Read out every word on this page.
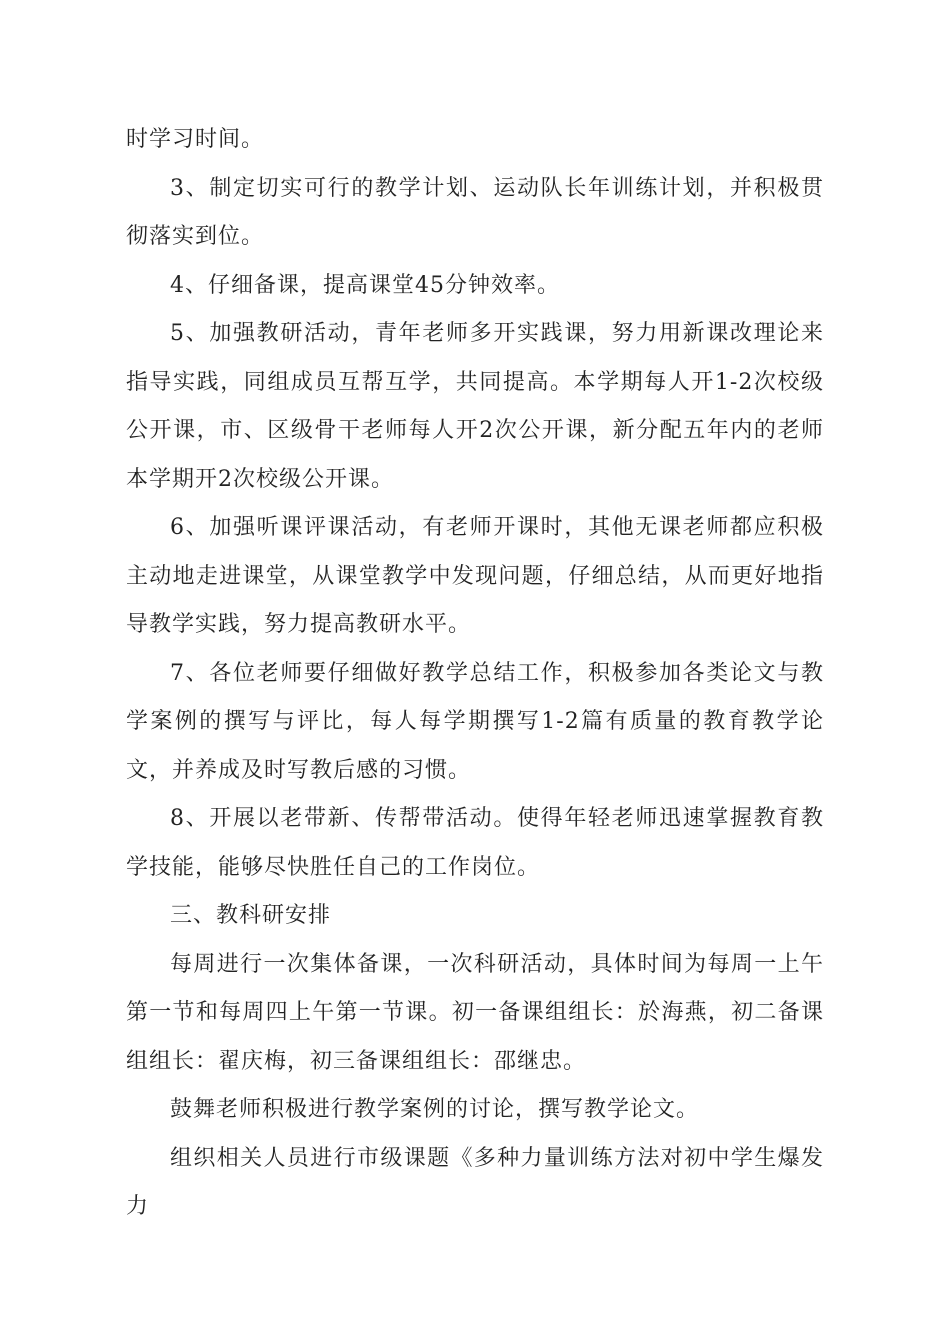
时学习时间。

3、制定切实可行的教学计划、运动队长年训练计划，并积极贯彻落实到位。

4、仔细备课，提高课堂45分钟效率。

5、加强教研活动，青年老师多开实践课，努力用新课改理论来指导实践，同组成员互帮互学，共同提高。本学期每人开1-2次校级公开课，市、区级骨干老师每人开2次公开课，新分配五年内的老师本学期开2次校级公开课。

6、加强听课评课活动，有老师开课时，其他无课老师都应积极主动地走进课堂，从课堂教学中发现问题，仔细总结，从而更好地指导教学实践，努力提高教研水平。

7、各位老师要仔细做好教学总结工作，积极参加各类论文与教学案例的撰写与评比，每人每学期撰写1-2篇有质量的教育教学论文，并养成及时写教后感的习惯。

8、开展以老带新、传帮带活动。使得年轻老师迅速掌握教育教学技能，能够尽快胜任自己的工作岗位。

三、教科研安排

每周进行一次集体备课，一次科研活动，具体时间为每周一上午第一节和每周四上午第一节课。初一备课组组长：於海燕，初二备课组组长：翟庆梅，初三备课组组长：邵继忠。

鼓舞老师积极进行教学案例的讨论，撰写教学论文。

组织相关人员进行市级课题《多种力量训练方法对初中学生爆发力
